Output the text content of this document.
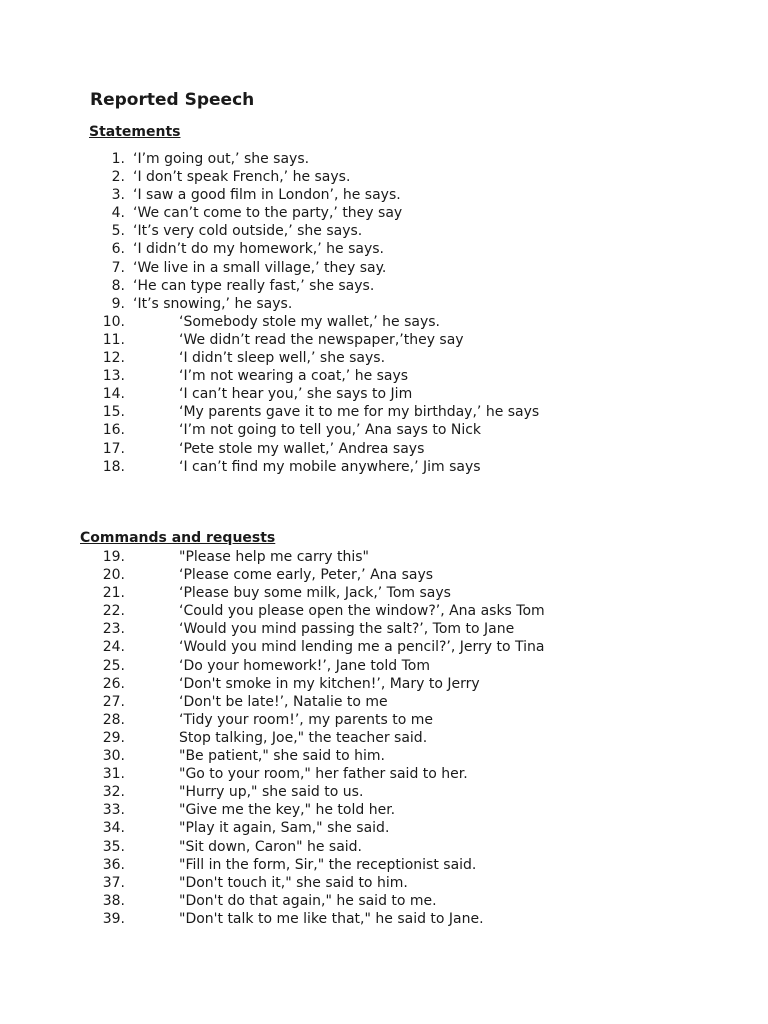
Reported Speech
Statements
1. ‘I’m going out,’ she says.
2. ‘I don’t speak French,’ he says.
3. ‘I saw a good film in London’, he says.
4. ‘We can’t come to the party,’ they say
5. ‘It’s very cold outside,’ she says.
6. ‘I didn’t do my homework,’ he says.
7. ‘We live in a small village,’ they say.
8. ‘He can type really fast,’ she says.
9. ‘It’s snowing,’ he says.
10.	‘Somebody stole my wallet,’ he says.
11.	‘We didn’t read the newspaper,’they say
12.	‘I didn’t sleep well,’ she says.
13.	‘I’m not wearing a coat,’ he says
14.	‘I can’t hear you,’ she says to Jim
15.	‘My parents gave it to me for my birthday,’ he says
16.	‘I’m not going to tell you,’ Ana says to Nick
17.	‘Pete stole my wallet,’ Andrea says
18.	‘I can’t find my mobile anywhere,’ Jim says
Commands and requests
19.	"Please help me carry this"
20.	‘Please come early, Peter,’ Ana says
21.	‘Please buy some milk, Jack,’ Tom says
22.	‘Could you please open the window?’, Ana asks Tom
23.	‘Would you mind passing the salt?’, Tom to Jane
24.	‘Would you mind lending me a pencil?’, Jerry to Tina
25.	‘Do your homework!’, Jane told Tom
26.	‘Don't smoke in my kitchen!’, Mary to Jerry
27.	‘Don't be late!’, Natalie to me
28.	‘Tidy your room!’, my parents to me
29.	Stop talking, Joe," the teacher said.
30.	"Be patient," she said to him.
31.	"Go to your room," her father said to her.
32.	"Hurry up," she said to us.
33.	"Give me the key," he told her.
34.	"Play it again, Sam," she said.
35.	"Sit down, Caron" he said.
36.	"Fill in the form, Sir," the receptionist said.
37.	"Don't touch it," she said to him.
38.	"Don't do that again," he said to me.
39.	"Don't talk to me like that," he said to Jane.
